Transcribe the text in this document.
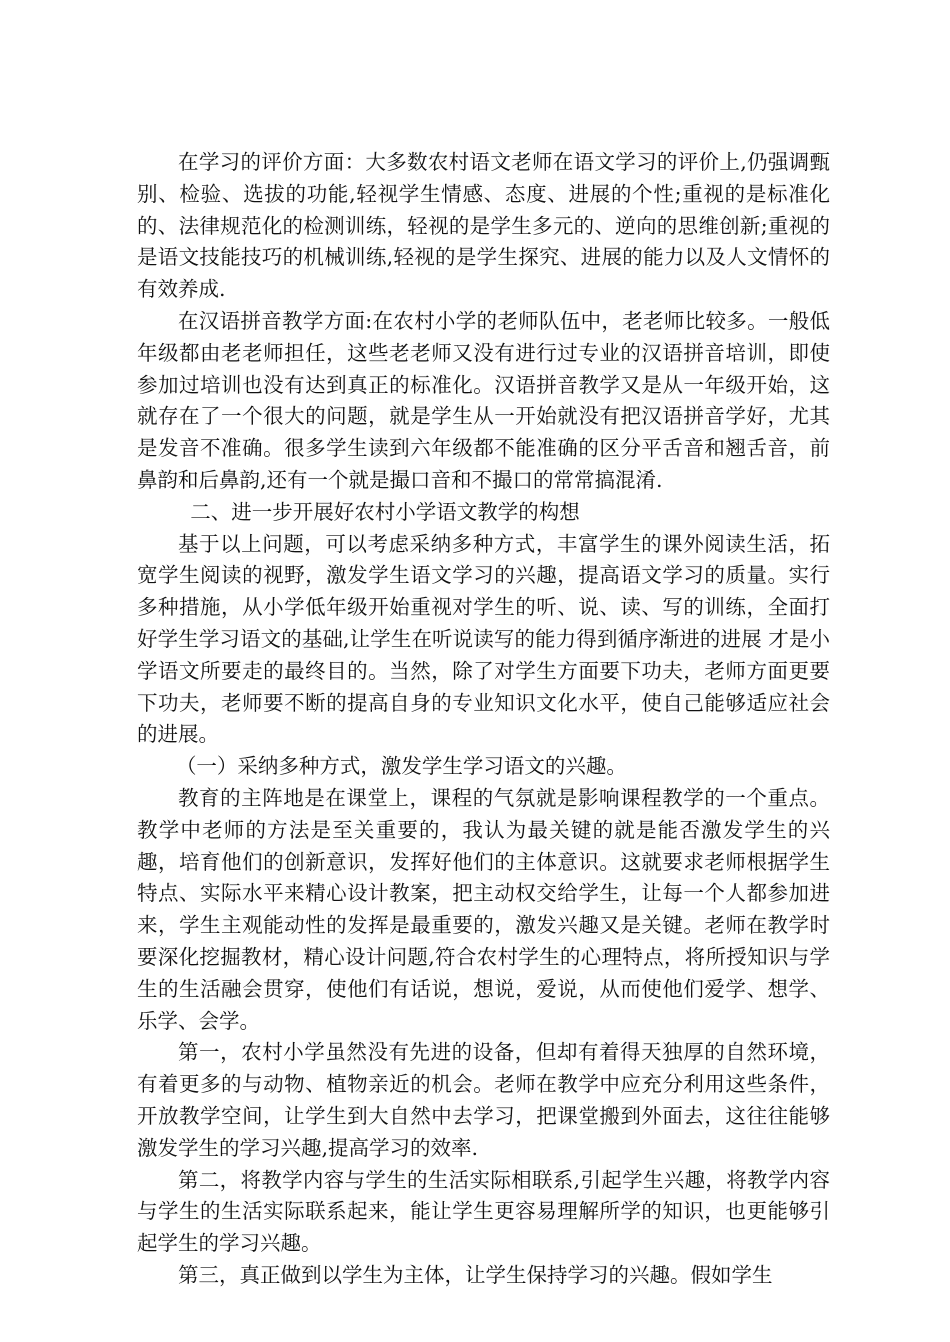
在学习的评价方面：大多数农村语文老师在语文学习的评价上,仍强调甄别、检验、选拔的功能,轻视学生情感、态度、进展的个性;重视的是标准化的、法律规范化的检测训练，轻视的是学生多元的、逆向的思维创新;重视的是语文技能技巧的机械训练,轻视的是学生探究、进展的能力以及人文情怀的有效养成.

在汉语拼音教学方面:在农村小学的老师队伍中，老老师比较多。一般低年级都由老老师担任，这些老老师又没有进行过专业的汉语拼音培训，即使参加过培训也没有达到真正的标准化。汉语拼音教学又是从一年级开始，这就存在了一个很大的问题，就是学生从一开始就没有把汉语拼音学好，尤其是发音不准确。很多学生读到六年级都不能准确的区分平舌音和翘舌音，前鼻韵和后鼻韵,还有一个就是撮口音和不撮口的常常搞混淆.

二、进一步开展好农村小学语文教学的构想

基于以上问题，可以考虑采纳多种方式，丰富学生的课外阅读生活，拓宽学生阅读的视野，激发学生语文学习的兴趣，提高语文学习的质量。实行多种措施，从小学低年级开始重视对学生的听、说、读、写的训练，全面打好学生学习语文的基础,让学生在听说读写的能力得到循序渐进的进展 才是小学语文所要走的最终目的。当然，除了对学生方面要下功夫，老师方面更要下功夫，老师要不断的提高自身的专业知识文化水平，使自己能够适应社会的进展。

（一）采纳多种方式，激发学生学习语文的兴趣。

教育的主阵地是在课堂上，课程的气氛就是影响课程教学的一个重点。教学中老师的方法是至关重要的，我认为最关键的就是能否激发学生的兴趣，培育他们的创新意识，发挥好他们的主体意识。这就要求老师根据学生特点、实际水平来精心设计教案，把主动权交给学生，让每一个人都参加进来，学生主观能动性的发挥是最重要的，激发兴趣又是关键。老师在教学时要深化挖掘教材，精心设计问题,符合农村学生的心理特点，将所授知识与学生的生活融会贯穿，使他们有话说，想说，爱说，从而使他们爱学、想学、乐学、会学。

第一，农村小学虽然没有先进的设备，但却有着得天独厚的自然环境，有着更多的与动物、植物亲近的机会。老师在教学中应充分利用这些条件，开放教学空间，让学生到大自然中去学习，把课堂搬到外面去，这往往能够激发学生的学习兴趣,提高学习的效率.

第二，将教学内容与学生的生活实际相联系,引起学生兴趣，将教学内容与学生的生活实际联系起来，能让学生更容易理解所学的知识，也更能够引起学生的学习兴趣。

第三，真正做到以学生为主体，让学生保持学习的兴趣。假如学生
